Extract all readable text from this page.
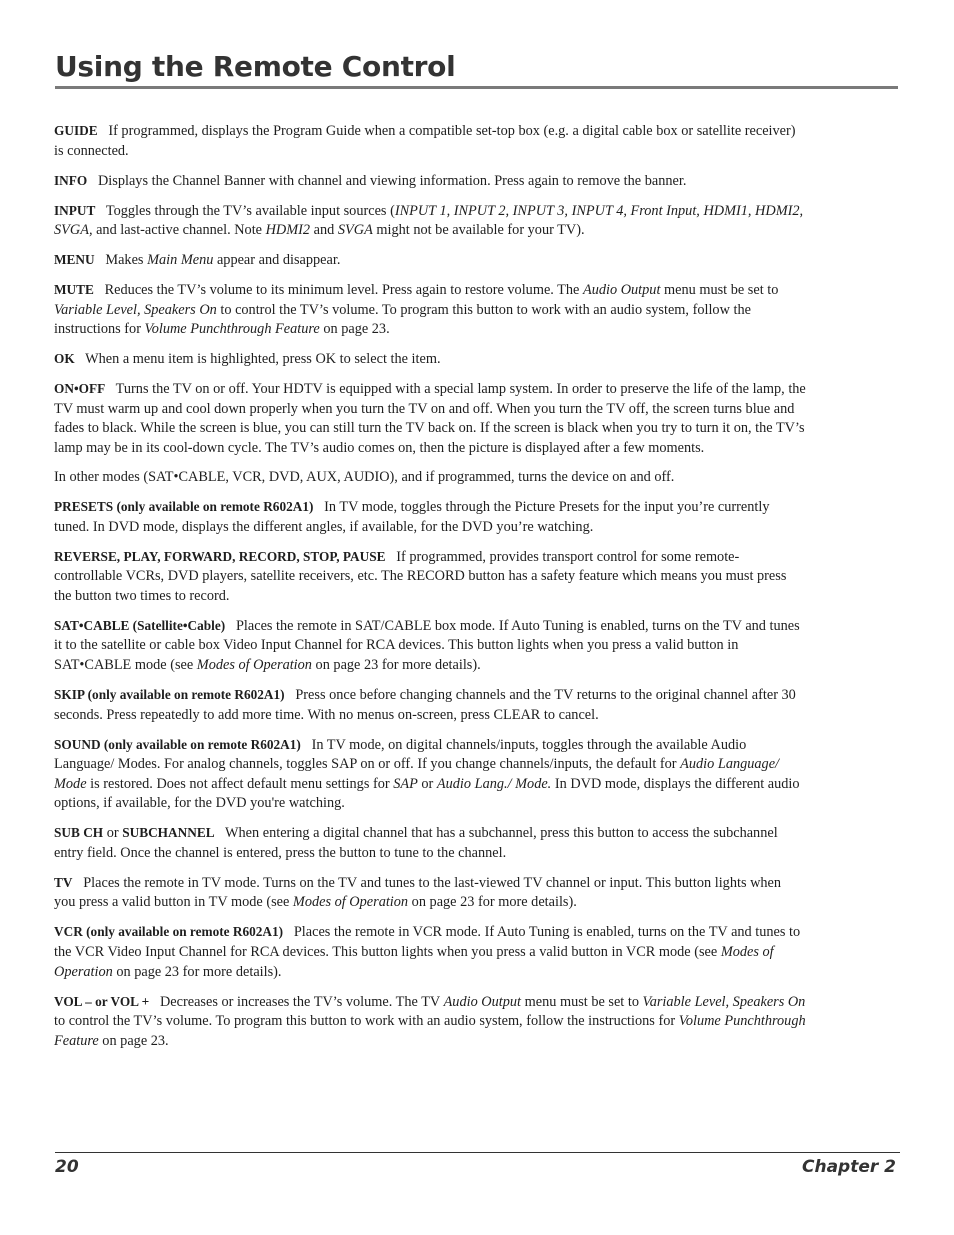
Using the Remote Control

GUIDE If programmed, displays the Program Guide when a compatible set-top box (e.g. a digital cable box or satellite receiver) is connected.

INFO Displays the Channel Banner with channel and viewing information. Press again to remove the banner.

INPUT Toggles through the TV’s available input sources (INPUT 1, INPUT 2, INPUT 3, INPUT 4, Front Input, HDMI1, HDMI2, SVGA, and last-active channel. Note HDMI2 and SVGA might not be available for your TV).

MENU Makes Main Menu appear and disappear.

MUTE Reduces the TV’s volume to its minimum level. Press again to restore volume. The Audio Output menu must be set to Variable Level, Speakers On to control the TV’s volume. To program this button to work with an audio system, follow the instructions for Volume Punchthrough Feature on page 23.

OK When a menu item is highlighted, press OK to select the item.

ON•OFF Turns the TV on or off. Your HDTV is equipped with a special lamp system. In order to preserve the life of the lamp, the TV must warm up and cool down properly when you turn the TV on and off. When you turn the TV off, the screen turns blue and fades to black. While the screen is blue, you can still turn the TV back on. If the screen is black when you try to turn it on, the TV’s lamp may be in its cool-down cycle. The TV’s audio comes on, then the picture is displayed after a few moments.

In other modes (SAT•CABLE, VCR, DVD, AUX, AUDIO), and if programmed, turns the device on and off.

PRESETS (only available on remote R602A1) In TV mode, toggles through the Picture Presets for the input you’re currently tuned. In DVD mode, displays the different angles, if available, for the DVD you’re watching.

REVERSE, PLAY, FORWARD, RECORD, STOP, PAUSE If programmed, provides transport control for some remote-controllable VCRs, DVD players, satellite receivers, etc. The RECORD button has a safety feature which means you must press the button two times to record.

SAT•CABLE (Satellite•Cable) Places the remote in SAT/CABLE box mode. If Auto Tuning is enabled, turns on the TV and tunes it to the satellite or cable box Video Input Channel for RCA devices. This button lights when you press a valid button in SAT•CABLE mode (see Modes of Operation on page 23 for more details).

SKIP (only available on remote R602A1) Press once before changing channels and the TV returns to the original channel after 30 seconds. Press repeatedly to add more time. With no menus on-screen, press CLEAR to cancel.

SOUND (only available on remote R602A1) In TV mode, on digital channels/inputs, toggles through the available Audio Language/ Modes. For analog channels, toggles SAP on or off. If you change channels/inputs, the default for Audio Language/ Mode is restored. Does not affect default menu settings for SAP or Audio Lang./ Mode. In DVD mode, displays the different audio options, if available, for the DVD you're watching.

SUB CH or SUBCHANNEL When entering a digital channel that has a subchannel, press this button to access the subchannel entry field. Once the channel is entered, press the button to tune to the channel.

TV Places the remote in TV mode. Turns on the TV and tunes to the last-viewed TV channel or input. This button lights when you press a valid button in TV mode (see Modes of Operation on page 23 for more details).

VCR (only available on remote R602A1) Places the remote in VCR mode. If Auto Tuning is enabled, turns on the TV and tunes to the VCR Video Input Channel for RCA devices. This button lights when you press a valid button in VCR mode (see Modes of Operation on page 23 for more details).

VOL – or VOL + Decreases or increases the TV’s volume. The TV Audio Output menu must be set to Variable Level, Speakers On to control the TV’s volume. To program this button to work with an audio system, follow the instructions for Volume Punchthrough Feature on page 23.

20	Chapter 2
